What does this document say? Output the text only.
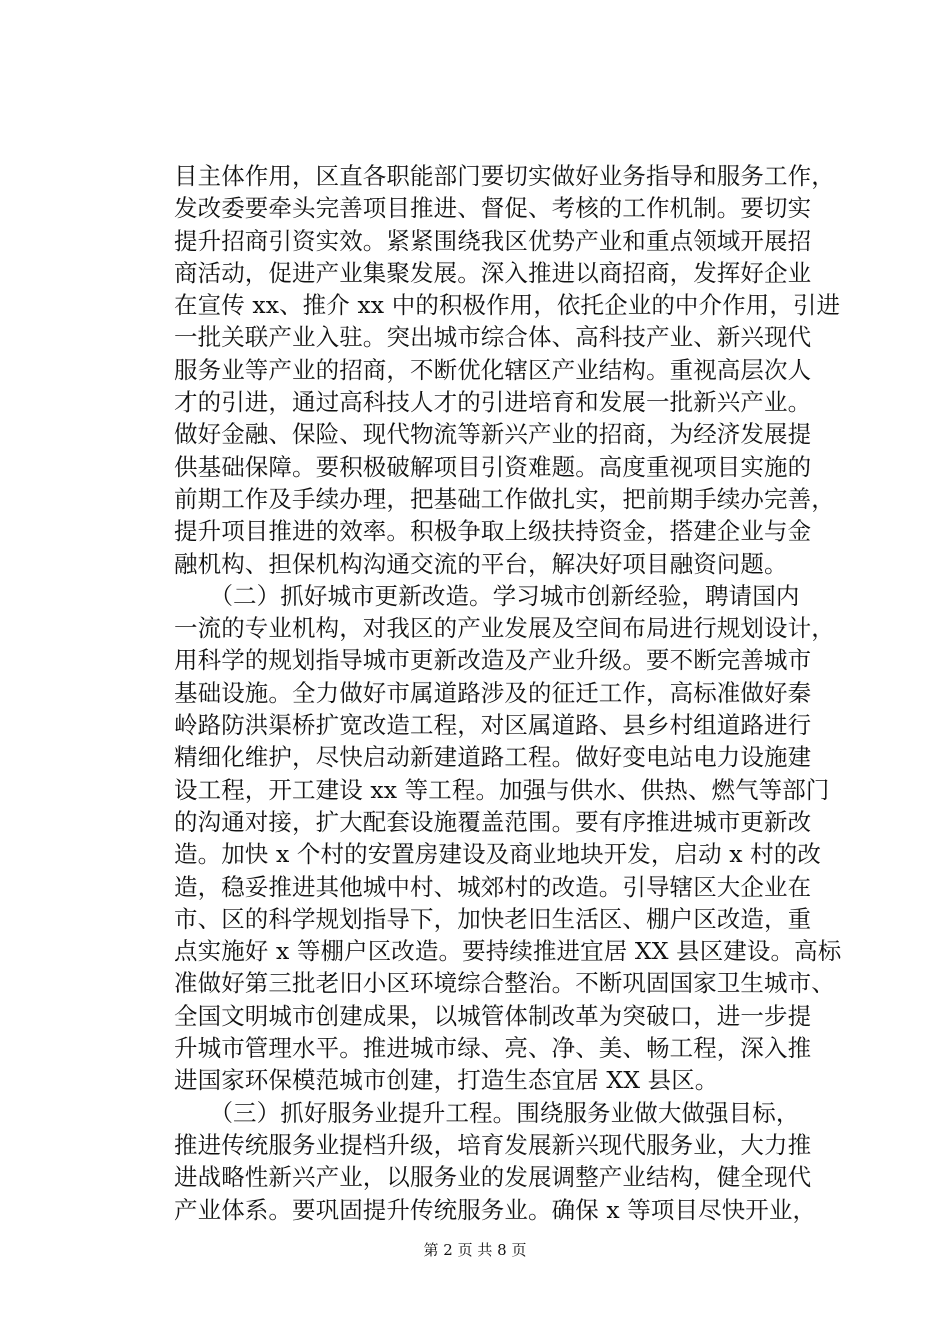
目主体作用，区直各职能部门要切实做好业务指导和服务工作，
发改委要牵头完善项目推进、督促、考核的工作机制。要切实
提升招商引资实效。紧紧围绕我区优势产业和重点领域开展招
商活动，促进产业集聚发展。深入推进以商招商，发挥好企业
在宣传 xx、推介 xx 中的积极作用，依托企业的中介作用，引进
一批关联产业入驻。突出城市综合体、高科技产业、新兴现代
服务业等产业的招商，不断优化辖区产业结构。重视高层次人
才的引进，通过高科技人才的引进培育和发展一批新兴产业。
做好金融、保险、现代物流等新兴产业的招商，为经济发展提
供基础保障。要积极破解项目引资难题。高度重视项目实施的
前期工作及手续办理，把基础工作做扎实，把前期手续办完善，
提升项目推进的效率。积极争取上级扶持资金，搭建企业与金
融机构、担保机构沟通交流的平台，解决好项目融资问题。
　　（二）抓好城市更新改造。学习城市创新经验，聘请国内
一流的专业机构，对我区的产业发展及空间布局进行规划设计，
用科学的规划指导城市更新改造及产业升级。要不断完善城市
基础设施。全力做好市属道路涉及的征迁工作，高标准做好秦
岭路防洪渠桥扩宽改造工程，对区属道路、县乡村组道路进行
精细化维护，尽快启动新建道路工程。做好变电站电力设施建
设工程，开工建设 xx 等工程。加强与供水、供热、燃气等部门
的沟通对接，扩大配套设施覆盖范围。要有序推进城市更新改
造。加快 x 个村的安置房建设及商业地块开发，启动 x 村的改
造，稳妥推进其他城中村、城郊村的改造。引导辖区大企业在
市、区的科学规划指导下，加快老旧生活区、棚户区改造，重
点实施好 x 等棚户区改造。要持续推进宜居 XX 县区建设。高标
准做好第三批老旧小区环境综合整治。不断巩固国家卫生城市、
全国文明城市创建成果，以城管体制改革为突破口，进一步提
升城市管理水平。推进城市绿、亮、净、美、畅工程，深入推
进国家环保模范城市创建，打造生态宜居 XX 县区。
　　（三）抓好服务业提升工程。围绕服务业做大做强目标，
推进传统服务业提档升级，培育发展新兴现代服务业，大力推
进战略性新兴产业，以服务业的发展调整产业结构，健全现代
产业体系。要巩固提升传统服务业。确保 x 等项目尽快开业，
第 2 页 共 8 页
